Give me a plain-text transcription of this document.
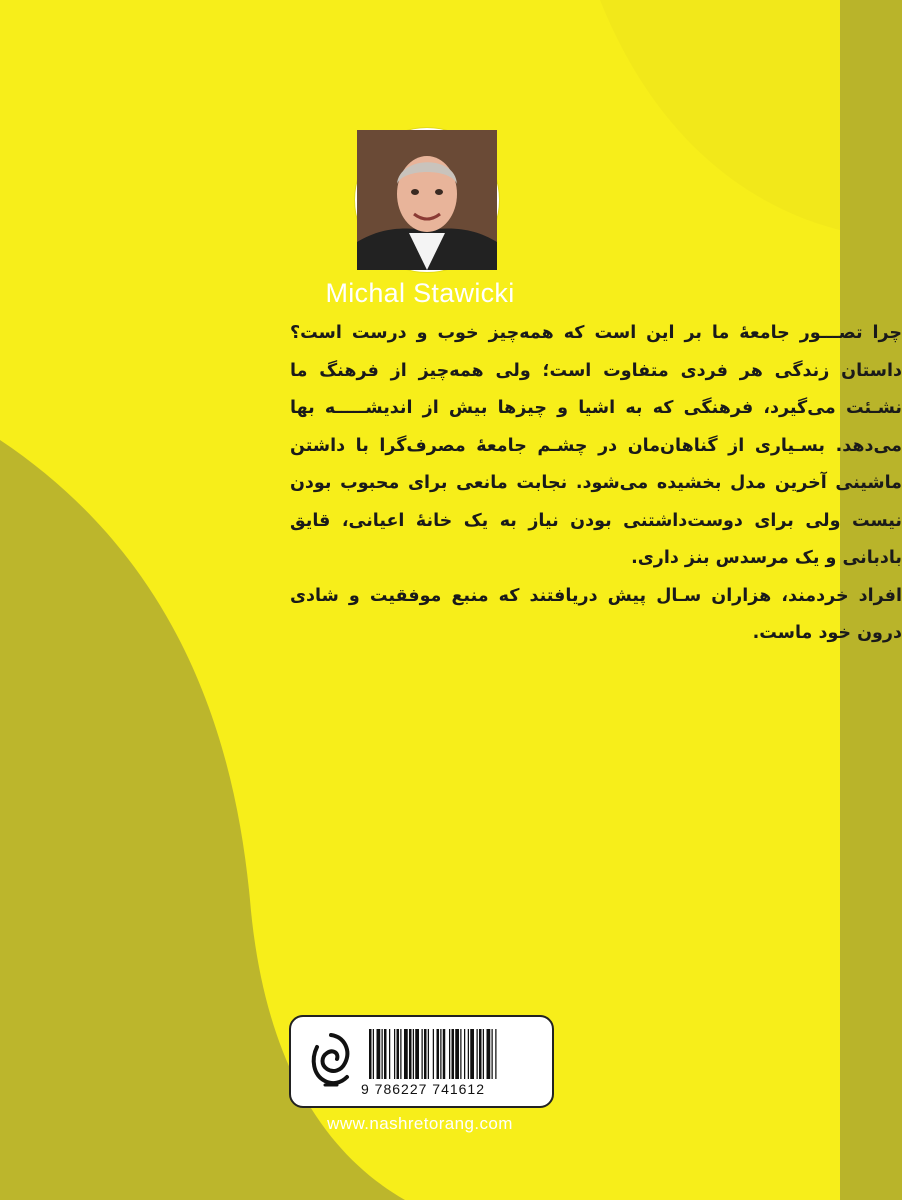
Michal Stawicki

چرا تصـــور جامعهٔ ما بر این است که همه‌چیز خوب و درست است؟ داستان زندگی هر فردی متفاوت است؛ ولی همه‌چیز از فرهنگ ما نشـئت می‌گیرد، فرهنگی که به اشیا و چیزها بیش از اندیشـــــه بها می‌دهد. بسـیاری از گناهان‌مان در چشـم جامعهٔ مصرف‌گرا با داشتن ماشینی آخرین مدل بخشیده می‌شود. نجابت مانعی برای محبوب بودن نیست ولی برای دوست‌داشتنی بودن نیاز به یک خانهٔ اعیانی، قایق بادبانی و یک مرسدس بنز داری.

افراد خردمند، هزاران سـال پیش دریافتند که منبع موفقیت و شادی درون خود ماست.

9 786227 741612
www.nashretorang.com
